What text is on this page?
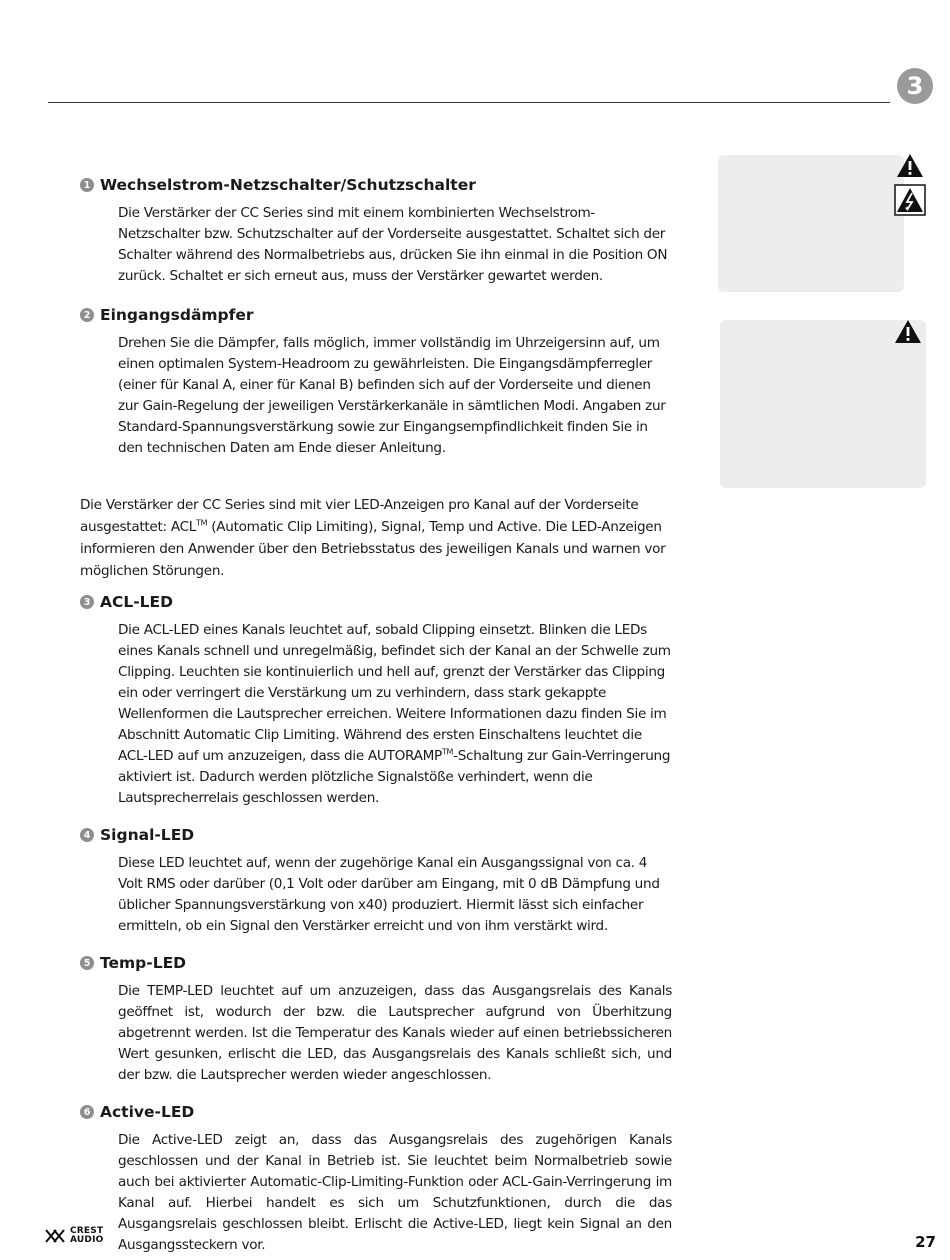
3
1 Wechselstrom-Netzschalter/Schutzschalter

Die Verstärker der CC Series sind mit einem kombinierten Wechselstrom-Netzschalter bzw. Schutzschalter auf der Vorderseite ausgestattet. Schaltet sich der Schalter während des Normalbetriebs aus, drücken Sie ihn einmal in die Position ON zurück. Schaltet er sich erneut aus, muss der Verstärker gewartet werden.

2 Eingangsdämpfer

Drehen Sie die Dämpfer, falls möglich, immer vollständig im Uhrzeigersinn auf, um einen optimalen System-Headroom zu gewährleisten. Die Eingangsdämpferregler (einer für Kanal A, einer für Kanal B) befinden sich auf der Vorderseite und dienen zur Gain-Regelung der jeweiligen Verstärkerkanäle in sämtlichen Modi. Angaben zur Standard-Spannungsverstärkung sowie zur Eingangsempfindlichkeit finden Sie in den technischen Daten am Ende dieser Anleitung.

Die Verstärker der CC Series sind mit vier LED-Anzeigen pro Kanal auf der Vorderseite ausgestattet: ACL™ (Automatic Clip Limiting), Signal, Temp und Active. Die LED-Anzeigen informieren den Anwender über den Betriebsstatus des jeweiligen Kanals und warnen vor möglichen Störungen.

3 ACL-LED

Die ACL-LED eines Kanals leuchtet auf, sobald Clipping einsetzt. Blinken die LEDs eines Kanals schnell und unregelmäßig, befindet sich der Kanal an der Schwelle zum Clipping. Leuchten sie kontinuierlich und hell auf, grenzt der Verstärker das Clipping ein oder verringert die Verstärkung um zu verhindern, dass stark gekappte Wellenformen die Lautsprecher erreichen. Weitere Informationen dazu finden Sie im Abschnitt Automatic Clip Limiting. Während des ersten Einschaltens leuchtet die ACL-LED auf um anzuzeigen, dass die AUTORAMP™-Schaltung zur Gain-Verringerung aktiviert ist. Dadurch werden plötzliche Signalstöße verhindert, wenn die Lautsprecherrelais geschlossen werden.

4 Signal-LED

Diese LED leuchtet auf, wenn der zugehörige Kanal ein Ausgangssignal von ca. 4 Volt RMS oder darüber (0,1 Volt oder darüber am Eingang, mit 0 dB Dämpfung und üblicher Spannungsverstärkung von x40) produziert. Hiermit lässt sich einfacher ermitteln, ob ein Signal den Verstärker erreicht und von ihm verstärkt wird.

5 Temp-LED

Die TEMP-LED leuchtet auf um anzuzeigen, dass das Ausgangsrelais des Kanals geöffnet ist, wodurch der bzw. die Lautsprecher aufgrund von Überhitzung abgetrennt werden. Ist die Temperatur des Kanals wieder auf einen betriebssicheren Wert gesunken, erlischt die LED, das Ausgangsrelais des Kanals schließt sich, und der bzw. die Lautsprecher werden wieder angeschlossen.

6 Active-LED

Die Active-LED zeigt an, dass das Ausgangsrelais des zugehörigen Kanals geschlossen und der Kanal in Betrieb ist. Sie leuchtet beim Normalbetrieb sowie auch bei aktivierter Automatic-Clip-Limiting-Funktion oder ACL-Gain-Verringerung im Kanal auf. Hierbei handelt es sich um Schutzfunktionen, durch die das Ausgangsrelais geschlossen bleibt. Erlischt die Active-LED, liegt kein Signal an den Ausgangssteckern vor.

CREST
AUDIO	27
